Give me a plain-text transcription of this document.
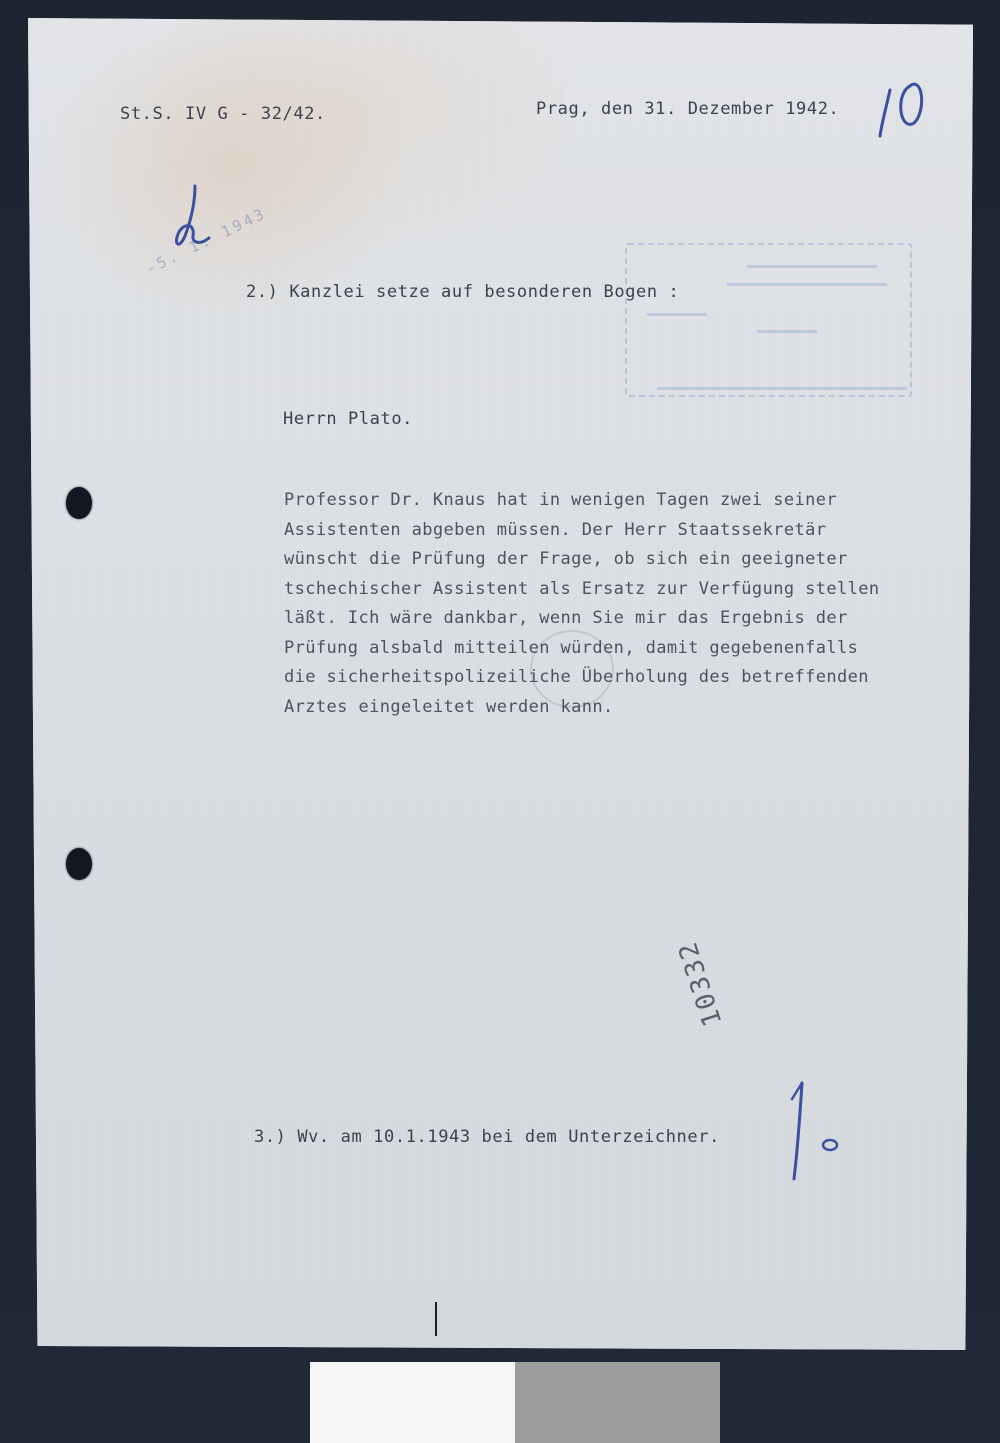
-5. 1. 1943

St.S. IV G - 32/42.	Prag, den 31. Dezember 1942.

2.) Kanzlei setze auf besonderen Bogen :

Herrn Plato.

Professor Dr. Knaus hat in wenigen Tagen zwei seiner
Assistenten abgeben müssen. Der Herr Staatssekretär
wünscht die Prüfung der Frage, ob sich ein geeigneter
tschechischer Assistent als Ersatz zur Verfügung stellen
läßt. Ich wäre dankbar, wenn Sie mir das Ergebnis der
Prüfung alsbald mitteilen würden, damit gegebenenfalls
die sicherheitspolizeiliche Überholung des betreffenden
Arztes eingeleitet werden kann.

10332

3.) Wv. am 10.1.1943 bei dem Unterzeichner.
